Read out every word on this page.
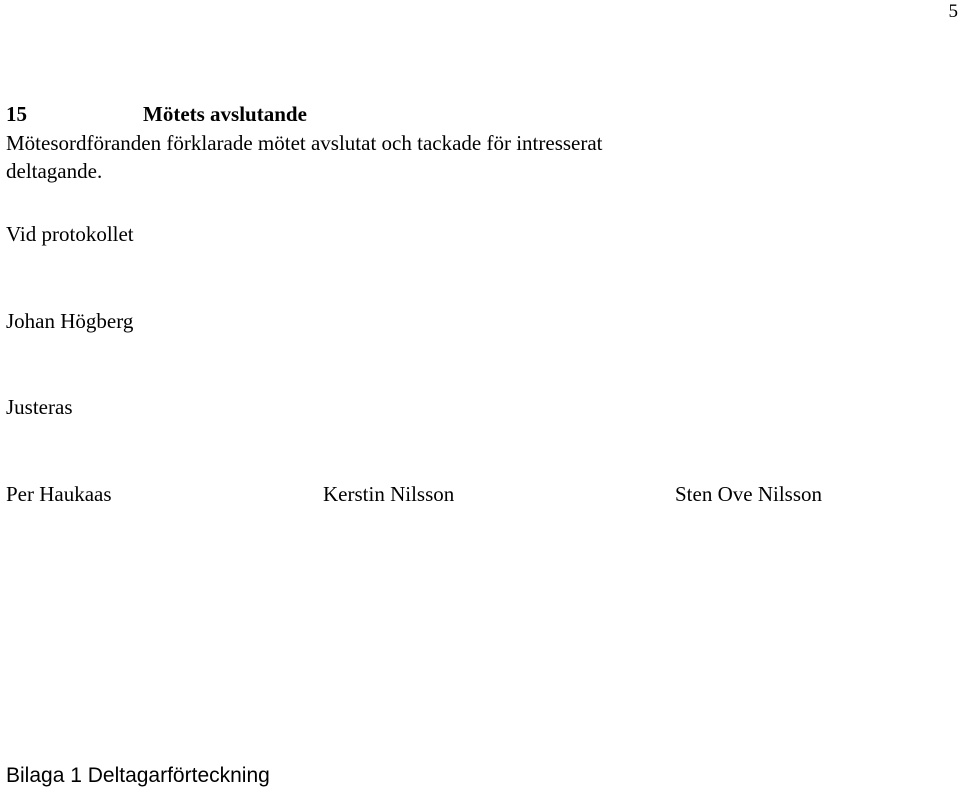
5
15	Mötets avslutande
Mötesordföranden förklarade mötet avslutat och tackade för intresserat
deltagande.
Vid protokollet
Johan Högberg
Justeras
Per Haukaas	Kerstin Nilsson	Sten Ove Nilsson
Bilaga 1 Deltagarförteckning
